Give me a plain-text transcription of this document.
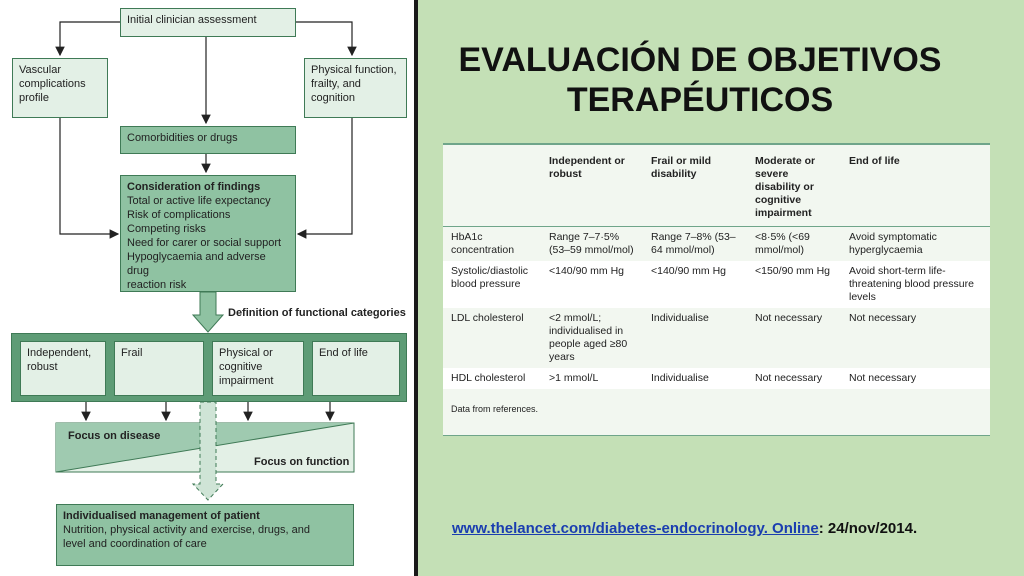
Initial clinician assessment
Vascular
complications
profile
Physical function,
frailty, and
cognition
Comorbidities or drugs
Consideration of findings
Total or active life expectancy
Risk of complications
Competing risks
Need for carer or social support
Hypoglycaemia and adverse drug
reaction risk
Definition of functional categories
Independent,
robust
Frail	Physical or
cognitive
impairment
End of life
Focus on disease
Focus on function
Individualised management of patient
Nutrition, physical activity and exercise, drugs, and
level and coordination of care
EVALUACIÓN DE OBJETIVOS
TERAPÉUTICOS
	Independent or robust	Frail or mild disability	Moderate or severe disability or cognitive impairment	End of life
HbA1c concentration	Range 7–7·5% (53–59 mmol/mol)	Range 7–8% (53–64 mmol/mol)	<8·5% (<69 mmol/mol)	Avoid symptomatic hyperglycaemia
Systolic/diastolic blood pressure	<140/90 mm Hg	<140/90 mm Hg	<150/90 mm Hg	Avoid short-term life-threatening blood pressure levels
LDL cholesterol	<2 mmol/L; individualised in people aged ≥80 years	Individualise	Not necessary	Not necessary
HDL cholesterol	>1 mmol/L	Individualise	Not necessary	Not necessary
Data from references.
www.thelancet.com/diabetes-endocrinology. Online: 24/nov/2014.
